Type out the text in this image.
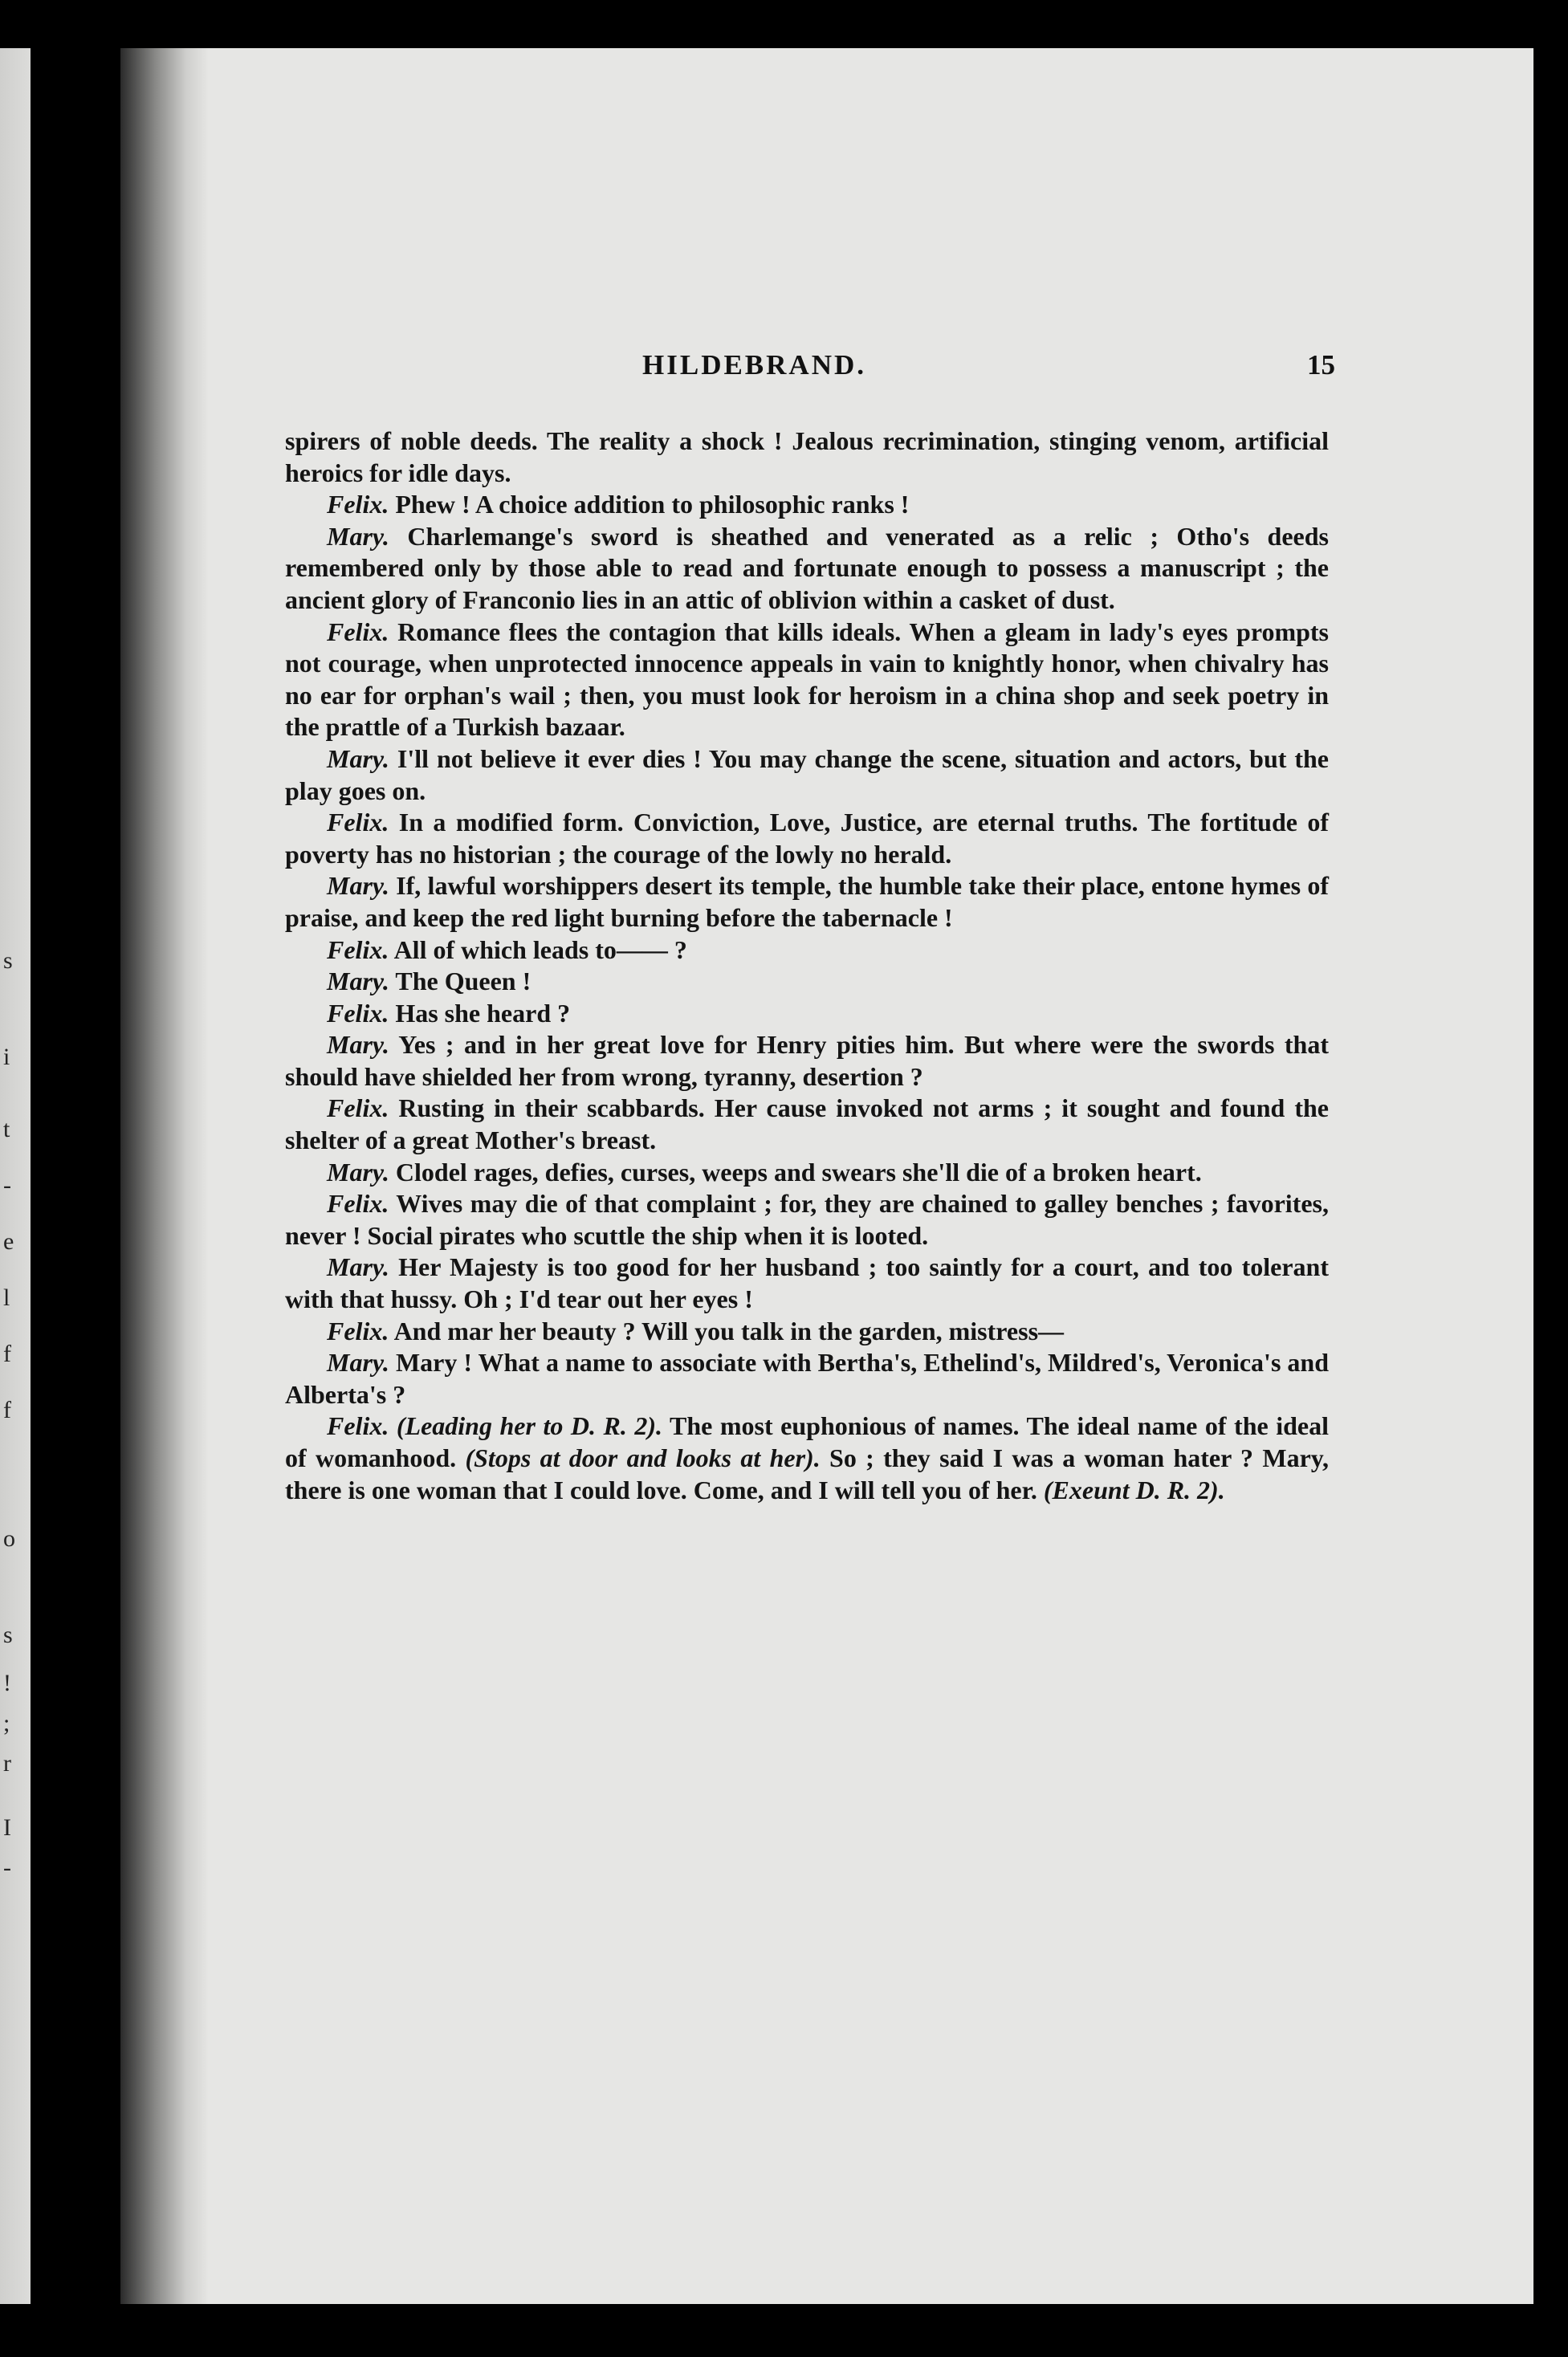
s
i
t
-
e
l
f
f
o
s
!
;
r
I
-
HILDEBRAND.	15

spirers of noble deeds. The reality a shock ! Jealous recrimination, stinging venom, artificial heroics for idle days.

Felix. Phew ! A choice addition to philosophic ranks !

Mary. Charlemange's sword is sheathed and venerated as a relic ; Otho's deeds remembered only by those able to read and fortunate enough to possess a manuscript ; the ancient glory of Franconio lies in an attic of oblivion within a casket of dust.

Felix. Romance flees the contagion that kills ideals. When a gleam in lady's eyes prompts not courage, when unprotected innocence appeals in vain to knightly honor, when chivalry has no ear for orphan's wail ; then, you must look for heroism in a china shop and seek poetry in the prattle of a Turkish bazaar.

Mary. I'll not believe it ever dies ! You may change the scene, situation and actors, but the play goes on.

Felix. In a modified form. Conviction, Love, Justice, are eternal truths. The fortitude of poverty has no historian ; the courage of the lowly no herald.

Mary. If, lawful worshippers desert its temple, the humble take their place, entone hymes of praise, and keep the red light burning before the tabernacle !

Felix. All of which leads to—— ?

Mary. The Queen !

Felix. Has she heard ?

Mary. Yes ; and in her great love for Henry pities him. But where were the swords that should have shielded her from wrong, tyranny, desertion ?

Felix. Rusting in their scabbards. Her cause invoked not arms ; it sought and found the shelter of a great Mother's breast.

Mary. Clodel rages, defies, curses, weeps and swears she'll die of a broken heart.

Felix. Wives may die of that complaint ; for, they are chained to galley benches ; favorites, never ! Social pirates who scuttle the ship when it is looted.

Mary. Her Majesty is too good for her husband ; too saintly for a court, and too tolerant with that hussy. Oh ; I'd tear out her eyes !

Felix. And mar her beauty ? Will you talk in the garden, mistress—

Mary. Mary ! What a name to associate with Bertha's, Ethelind's, Mildred's, Veronica's and Alberta's ?

Felix. (Leading her to D. R. 2). The most euphonious of names. The ideal name of the ideal of womanhood. (Stops at door and looks at her). So ; they said I was a woman hater ? Mary, there is one woman that I could love. Come, and I will tell you of her. (Exeunt D. R. 2).
